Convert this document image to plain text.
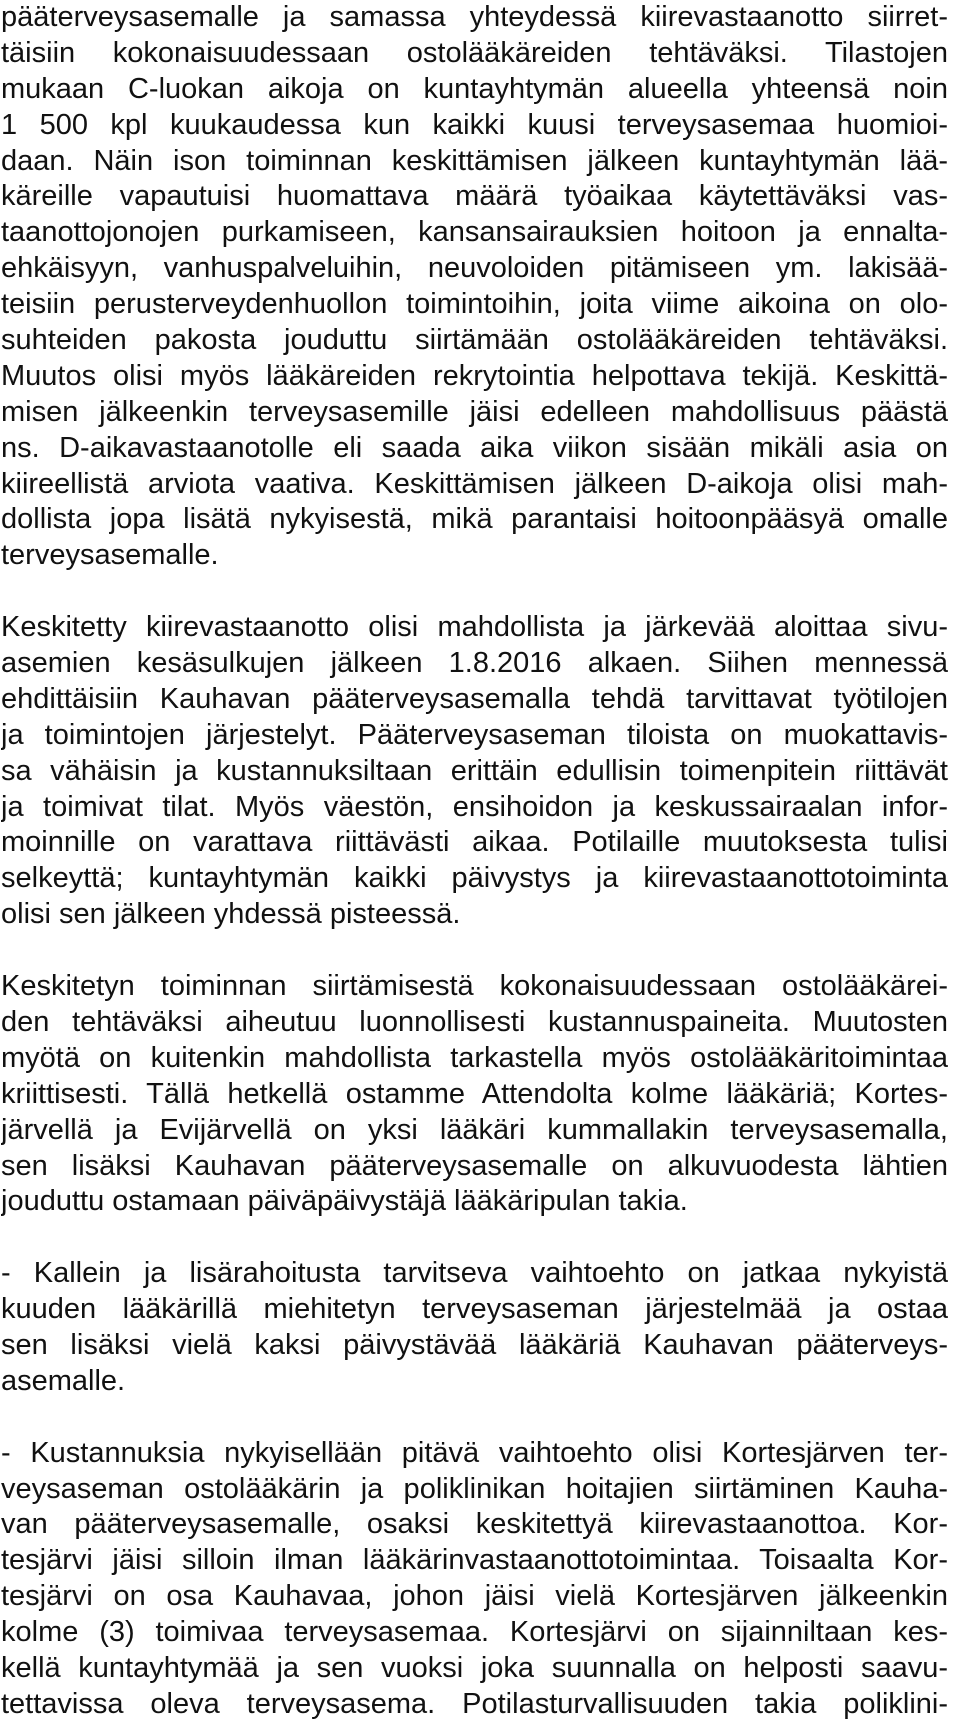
pääterveysasemalle ja samassa yhteydessä kiirevastaanotto siirret-
täisiin kokonaisuudessaan ostolääkäreiden tehtäväksi. Tilastojen
mukaan C-luokan aikoja on kuntayhtymän alueella yhteensä noin
1 500 kpl kuukaudessa kun kaikki kuusi terveysasemaa huomioi-
daan. Näin ison toiminnan keskittämisen jälkeen kuntayhtymän lää-
käreille vapautuisi huomattava määrä työaikaa käytettäväksi vas-
taanottojonojen purkamiseen, kansansairauksien hoitoon ja ennalta-
ehkäisyyn, vanhuspalveluihin, neuvoloiden pitämiseen ym. lakisää-
teisiin perusterveydenhuollon toimintoihin, joita viime aikoina on olo-
suhteiden pakosta jouduttu siirtämään ostolääkäreiden tehtäväksi.
Muutos olisi myös lääkäreiden rekrytointia helpottava tekijä. Keskittä-
misen jälkeenkin terveysasemille jäisi edelleen mahdollisuus päästä
ns. D-aikavastaanotolle eli saada aika viikon sisään mikäli asia on
kiireellistä arviota vaativa. Keskittämisen jälkeen D-aikoja olisi mah-
dollista jopa lisätä nykyisestä, mikä parantaisi hoitoonpääsyä omalle
terveysasemalle.
Keskitetty kiirevastaanotto olisi mahdollista ja järkevää aloittaa sivu-
asemien kesäsulkujen jälkeen 1.8.2016 alkaen. Siihen mennessä
ehdittäisiin Kauhavan pääterveysasemalla tehdä tarvittavat työtilojen
ja toimintojen järjestelyt. Pääterveysaseman tiloista on muokattavis-
sa vähäisin ja kustannuksiltaan erittäin edullisin toimenpitein riittävät
ja toimivat tilat. Myös väestön, ensihoidon ja keskussairaalan infor-
moinnille on varattava riittävästi aikaa. Potilaille muutoksesta tulisi
selkeyttä; kuntayhtymän kaikki päivystys ja kiirevastaanottotoiminta
olisi sen jälkeen yhdessä pisteessä.
Keskitetyn toiminnan siirtämisestä kokonaisuudessaan ostolääkärei-
den tehtäväksi aiheutuu luonnollisesti kustannuspaineita. Muutosten
myötä on kuitenkin mahdollista tarkastella myös ostolääkäritoimintaa
kriittisesti. Tällä hetkellä ostamme Attendolta kolme lääkäriä; Kortes-
järvellä ja Evijärvellä on yksi lääkäri kummallakin terveysasemalla,
sen lisäksi Kauhavan pääterveysasemalle on alkuvuodesta lähtien
jouduttu ostamaan päiväpäivystäjä lääkäripulan takia.
- Kallein ja lisärahoitusta tarvitseva vaihtoehto on jatkaa nykyistä
kuuden lääkärillä miehitetyn terveysaseman järjestelmää ja ostaa
sen lisäksi vielä kaksi päivystävää lääkäriä Kauhavan pääterveys-
asemalle.
- Kustannuksia nykyisellään pitävä vaihtoehto olisi Kortesjärven ter-
veysaseman ostolääkärin ja poliklinikan hoitajien siirtäminen Kauha-
van pääterveysasemalle, osaksi keskitettyä kiirevastaanottoa. Kor-
tesjärvi jäisi silloin ilman lääkärinvastaanottotoimintaa. Toisaalta Kor-
tesjärvi on osa Kauhavaa, johon jäisi vielä Kortesjärven jälkeenkin
kolme (3) toimivaa terveysasemaa. Kortesjärvi on sijainniltaan kes-
kellä kuntayhtymää ja sen vuoksi joka suunnalla on helposti saavu-
tettavissa oleva terveysasema. Potilasturvallisuuden takia poliklini-
